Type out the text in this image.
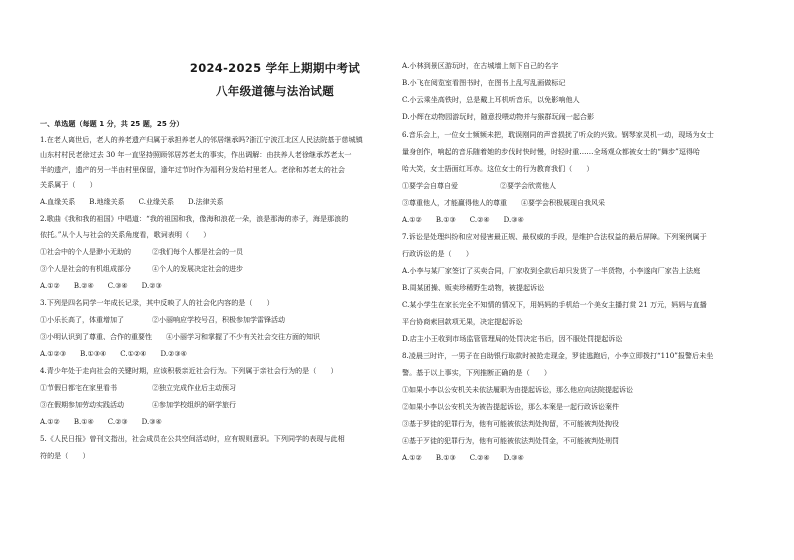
2024-2025 学年上期期中考试
八年级道德与法治试题
一、单选题（每题 1 分，共 25 题，25 分）
1.在老人离世后，老人的养老遗产归属于承担养老人的邻居继承吗?浙江宁波江北区人民法院基于慈城镇
山东村村民老徐过去 30 年一直坚持照顾邻居苏老太的事实，作出调解：由扶养人老徐继承苏老太一
半的遗产，遗产的另一半由村里保留，逢年过节时作为福利分发给村里老人。老徐和苏老太的社会
关系属于（　　）
A.血缘关系　　B.地缘关系　　C.业缘关系　　D.法律关系
2.歌曲《我和我的祖国》中唱道：“我的祖国和我，像海和浪花一朵，浪是那海的赤子，海是那浪的
依托。”从个人与社会的关系角度看，歌词表明（　　）
①社会中的个人是渺小无助的　　　②我们每个人都是社会的一员
③个人是社会的有机组成部分　　　④个人的发展决定社会的进步
A.①②　　B.②④　　C.③④　　D.②③
3.下列是四名同学一年成长记录，其中反映了人的社会化内容的是（　　）
①小乐长高了，体重增加了　　　　②小丽响应学校号召，积极参加学雷锋活动
③小明认识到了尊重、合作的重要性　　④小丽学习和掌握了不少有关社会交往方面的知识
A.①②③　　B.①③④　　C.①②④　　D.②③④
4.青少年处于走向社会的关键时期，应该积极亲近社会行为。下列属于亲社会行为的是（　　）
①节假日都宅在家里看书　　　　　②独立完成作业后主动预习
③在假期参加劳动实践活动　　　　④参加学校组织的研学旅行
A.①②　　B.①④　　C.②③　　D.③④
5.《人民日报》曾刊文指出，社会成员在公共空间活动时，应有规则意识。下列同学的表现与此相
符的是（　　）
A.小林到景区游玩时，在古城墙上刻下自己的名字
B.小飞在阅览室看图书时，在图书上乱写乱画做标记
C.小云乘坐高铁时，总是戴上耳机听音乐，以免影响他人
D.小辉在动物园游玩时，随意投喂动物并与猴群玩闹一起合影
6.音乐会上，一位女士频频未把，耽误刚同的声音损扰了听众的兴致。钢琴家灵机一动，现场为女士
量身创作，响起的音乐随着她的步伐时快时慢，时轻时重……全场观众都被女士的“舞步”逗得哈
哈大笑，女士捂面红耳赤。这位女士的行为教育我们（　　）
①要学会自尊自爱　　　　　　②要学会欣赏他人
③尊重他人，才能赢得他人的尊重　　④要学会积极展现自我风采
A.①②　　B.①③　　C.②④　　D.③④
7.诉讼是处理纠纷和应对侵害最正规、最权威的手段，是维护合法权益的最后屏障。下列案例属于
行政诉讼的是（　　）
A.小李与某厂家签订了买卖合同，厂家收到全款后却只发货了一半货物，小李遂向厂家告上法庭
B.周某团操、贩卖珍稀野生动物，被提起诉讼
C.某小学生在家长完全不知情的情况下，用妈妈的手机给一个美女主播打赏 21 万元，妈妈与直播
平台协商索回款项无果，决定提起诉讼
D.店主小王收到市场监管管理局的处罚决定书后，因不服处罚提起诉讼
8.凌晨三时许，一男子在自助银行取款时被抢走现金，罗徒逃跑后，小李立即拨打“110”报警后未坐
警。基于以上事实，下列推断正确的是（　　）
①如果小李以公安机关未依法履职为由提起诉讼，那么他应向法院提起诉讼
②如果小李以公安机关为被告提起诉讼，那么本案是一起行政诉讼案件
③基于罗徒的犯罪行为，他有可能被依法判处拘留，不可能被判处拘役
④基于歹徒的犯罪行为，他有可能被依法判处罚金，不可能被判处刑罚
A.①②　　B.①③　　C.②④　　D.③④
